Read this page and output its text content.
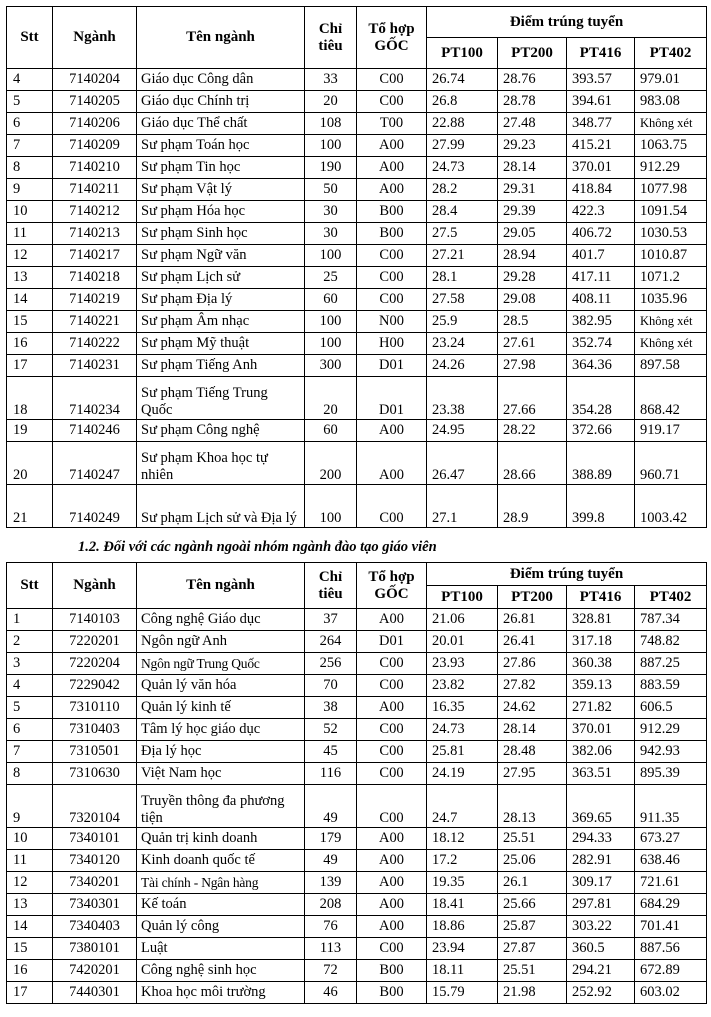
Stt	Ngành	Tên ngành	Chỉ tiêu	Tổ hợp GỐC	Điểm trúng tuyển			
					PT100	PT200	PT416	PT402
4	7140204	Giáo dục Công dân	33	C00	26.74	28.76	393.57	979.01
5	7140205	Giáo dục Chính trị	20	C00	26.8	28.78	394.61	983.08
6	7140206	Giáo dục Thể chất	108	T00	22.88	27.48	348.77	Không xét
7	7140209	Sư phạm Toán học	100	A00	27.99	29.23	415.21	1063.75
8	7140210	Sư phạm Tin học	190	A00	24.73	28.14	370.01	912.29
9	7140211	Sư phạm Vật lý	50	A00	28.2	29.31	418.84	1077.98
10	7140212	Sư phạm Hóa học	30	B00	28.4	29.39	422.3	1091.54
11	7140213	Sư phạm Sinh học	30	B00	27.5	29.05	406.72	1030.53
12	7140217	Sư phạm Ngữ văn	100	C00	27.21	28.94	401.7	1010.87
13	7140218	Sư phạm Lịch sử	25	C00	28.1	29.28	417.11	1071.2
14	7140219	Sư phạm Địa lý	60	C00	27.58	29.08	408.11	1035.96
15	7140221	Sư phạm Âm nhạc	100	N00	25.9	28.5	382.95	Không xét
16	7140222	Sư phạm Mỹ thuật	100	H00	23.24	27.61	352.74	Không xét
17	7140231	Sư phạm Tiếng Anh	300	D01	24.26	27.98	364.36	897.58
18	7140234	Sư phạm Tiếng Trung Quốc	20	D01	23.38	27.66	354.28	868.42
19	7140246	Sư phạm Công nghệ	60	A00	24.95	28.22	372.66	919.17
20	7140247	Sư phạm Khoa học tự nhiên	200	A00	26.47	28.66	388.89	960.71
21	7140249	Sư phạm Lịch sử và Địa lý	100	C00	27.1	28.9	399.8	1003.42
1.2. Đối với các ngành ngoài nhóm ngành đào tạo giáo viên
Stt	Ngành	Tên ngành	Chỉ tiêu	Tổ hợp GỐC	Điểm trúng tuyển			
					PT100	PT200	PT416	PT402
1	7140103	Công nghệ Giáo dục	37	A00	21.06	26.81	328.81	787.34
2	7220201	Ngôn ngữ Anh	264	D01	20.01	26.41	317.18	748.82
3	7220204	Ngôn ngữ Trung Quốc	256	C00	23.93	27.86	360.38	887.25
4	7229042	Quản lý văn hóa	70	C00	23.82	27.82	359.13	883.59
5	7310110	Quản lý kinh tế	38	A00	16.35	24.62	271.82	606.5
6	7310403	Tâm lý học giáo dục	52	C00	24.73	28.14	370.01	912.29
7	7310501	Địa lý học	45	C00	25.81	28.48	382.06	942.93
8	7310630	Việt Nam học	116	C00	24.19	27.95	363.51	895.39
9	7320104	Truyền thông đa phương tiện	49	C00	24.7	28.13	369.65	911.35
10	7340101	Quản trị kinh doanh	179	A00	18.12	25.51	294.33	673.27
11	7340120	Kinh doanh quốc tế	49	A00	17.2	25.06	282.91	638.46
12	7340201	Tài chính - Ngân hàng	139	A00	19.35	26.1	309.17	721.61
13	7340301	Kế toán	208	A00	18.41	25.66	297.81	684.29
14	7340403	Quản lý công	76	A00	18.86	25.87	303.22	701.41
15	7380101	Luật	113	C00	23.94	27.87	360.5	887.56
16	7420201	Công nghệ sinh học	72	B00	18.11	25.51	294.21	672.89
17	7440301	Khoa học môi trường	46	B00	15.79	21.98	252.92	603.02
